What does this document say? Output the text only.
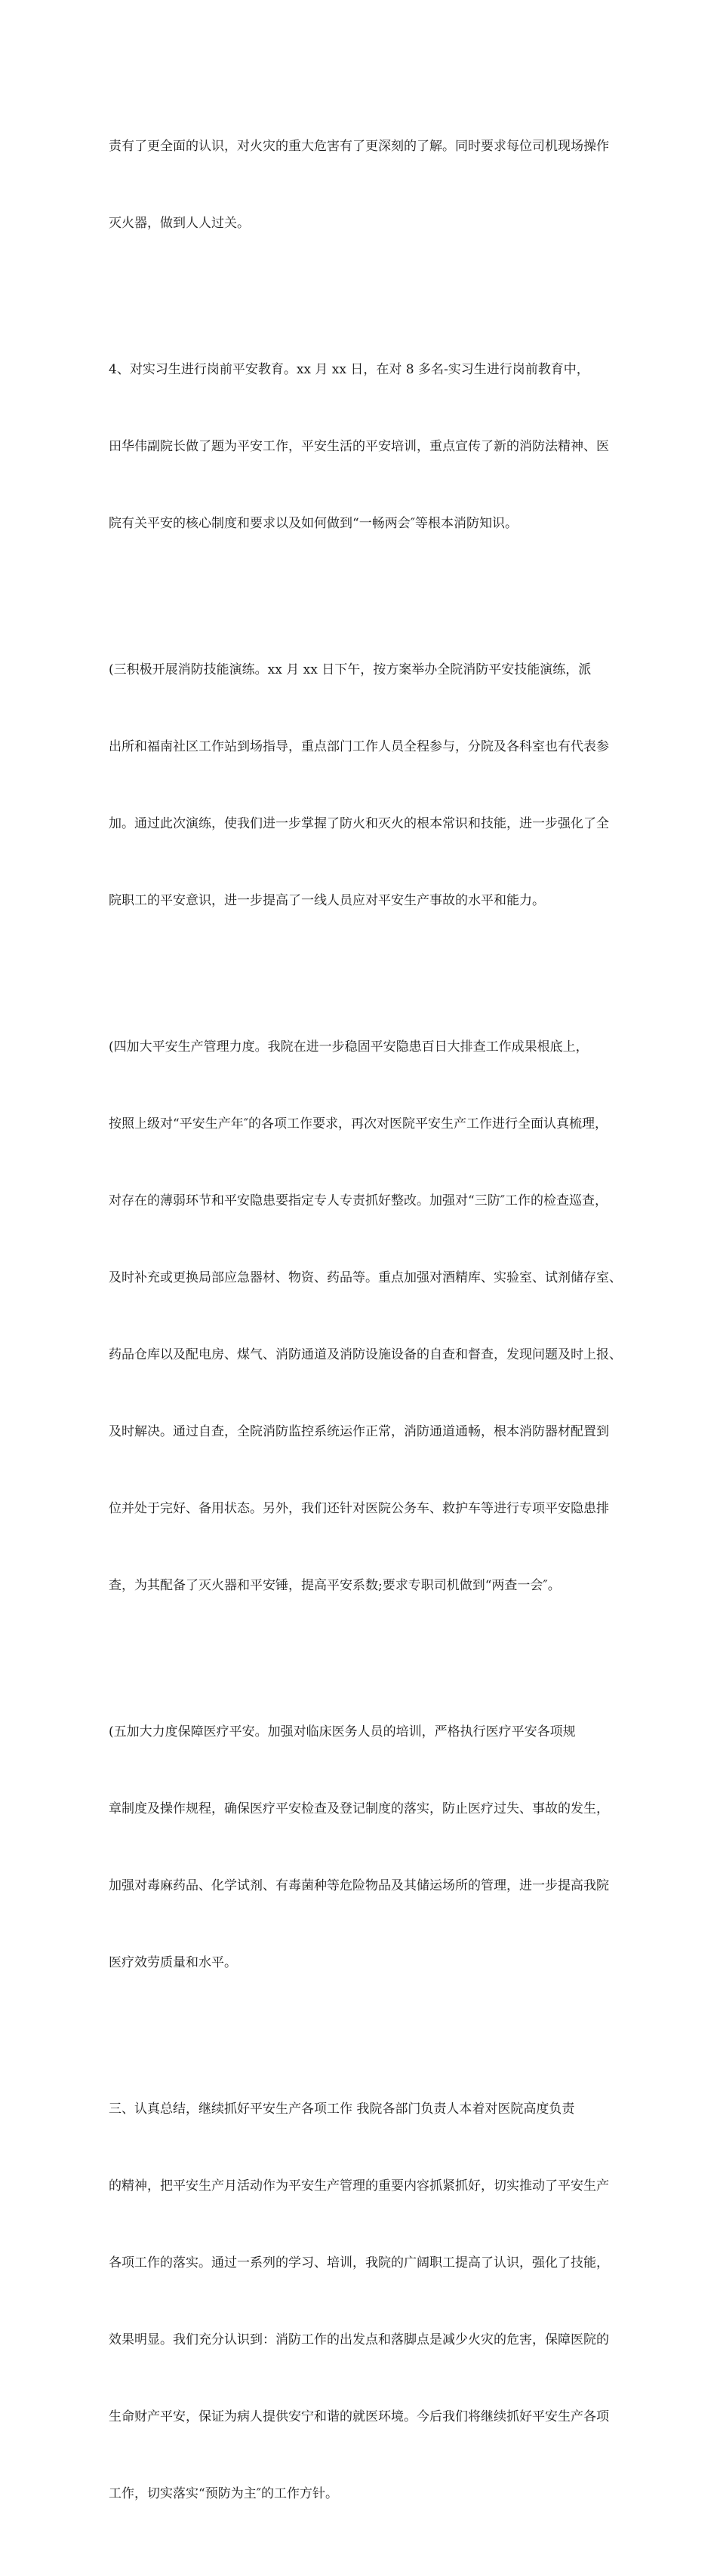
责有了更全面的认识，对火灾的重大危害有了更深刻的了解。同时要求每位司机现场操作

灭火器，做到人人过关。

4、对实习生进行岗前平安教育。xx 月 xx 日，在对 8 多名-实习生进行岗前教育中，

田华伟副院长做了题为平安工作，平安生活的平安培训，重点宣传了新的消防法精神、医

院有关平安的核心制度和要求以及如何做到“一畅两会″等根本消防知识。

(三积极开展消防技能演练。xx 月 xx 日下午，按方案举办全院消防平安技能演练，派

出所和福南社区工作站到场指导，重点部门工作人员全程参与，分院及各科室也有代表参

加。通过此次演练，使我们进一步掌握了防火和灭火的根本常识和技能，进一步强化了全

院职工的平安意识，进一步提高了一线人员应对平安生产事故的水平和能力。

(四加大平安生产管理力度。我院在进一步稳固平安隐患百日大排查工作成果根底上，

按照上级对“平安生产年″的各项工作要求，再次对医院平安生产工作进行全面认真梳理，

对存在的薄弱环节和平安隐患要指定专人专责抓好整改。加强对“三防″工作的检查巡查，

及时补充或更换局部应急器材、物资、药品等。重点加强对酒精库、实验室、试剂储存室、

药品仓库以及配电房、煤气、消防通道及消防设施设备的自查和督查，发现问题及时上报、

及时解决。通过自查，全院消防监控系统运作正常，消防通道通畅，根本消防器材配置到

位并处于完好、备用状态。另外，我们还针对医院公务车、救护车等进行专项平安隐患排

查，为其配备了灭火器和平安锤，提高平安系数;要求专职司机做到“两查一会″。

(五加大力度保障医疗平安。加强对临床医务人员的培训，严格执行医疗平安各项规

章制度及操作规程，确保医疗平安检查及登记制度的落实，防止医疗过失、事故的发生，

加强对毒麻药品、化学试剂、有毒菌种等危险物品及其储运场所的管理，进一步提高我院

医疗效劳质量和水平。

三、认真总结，继续抓好平安生产各项工作 我院各部门负责人本着对医院高度负责

的精神，把平安生产月活动作为平安生产管理的重要内容抓紧抓好，切实推动了平安生产

各项工作的落实。通过一系列的学习、培训，我院的广阔职工提高了认识，强化了技能，

效果明显。我们充分认识到：消防工作的出发点和落脚点是减少火灾的危害，保障医院的

生命财产平安，保证为病人提供安宁和谐的就医环境。今后我们将继续抓好平安生产各项

工作，切实落实“预防为主″的工作方针。
